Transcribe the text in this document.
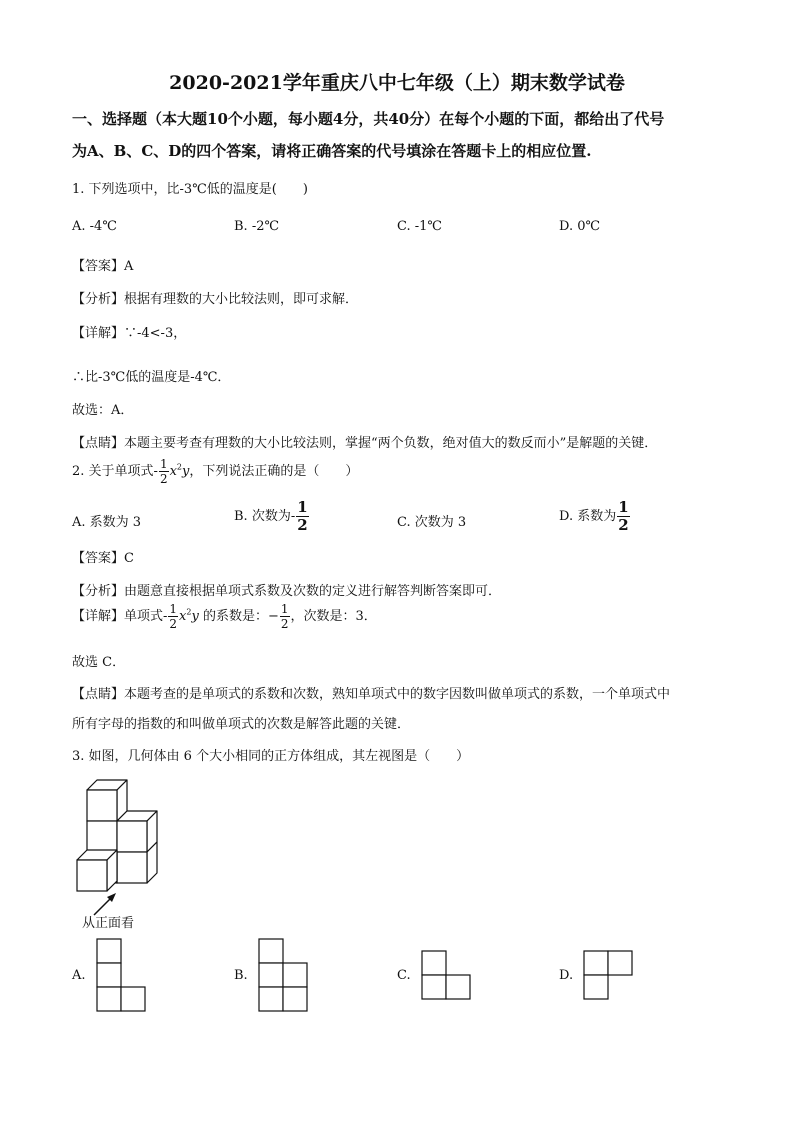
2020-2021学年重庆八中七年级（上）期末数学试卷
一、选择题（本大题10个小题，每小题4分，共40分）在每个小题的下面，都给出了代号
为A、B、C、D的四个答案，请将正确答案的代号填涂在答题卡上的相应位置.
1. 下列选项中，比-3℃低的温度是(　　)
A. -4℃	B. -2℃	C. -1℃	D. 0℃
【答案】A
【分析】根据有理数的大小比较法则，即可求解．
【详解】∵-4<-3，
∴比-3℃低的温度是-4℃．
故选：A．
【点睛】本题主要考查有理数的大小比较法则，掌握“两个负数，绝对值大的数反而小”是解题的关键．
2. 关于单项式- $\frac{1}{2} x^2y$，下列说法正确的是（　　）
A. 系数为 3	B. 次数为- $\frac{1}{2}$	C. 次数为 3	D. 系数为 $\frac{1}{2}$
【答案】C
【分析】由题意直接根据单项式系数及次数的定义进行解答判断答案即可．
【详解】单项式- $\frac{1}{2} x^2y$ 的系数是：− $\frac{1}{2}$ ，次数是：3．
故选 C．
【点睛】本题考查的是单项式的系数和次数，熟知单项式中的数字因数叫做单项式的系数，一个单项式中
所有字母的指数的和叫做单项式的次数是解答此题的关键．
3. 如图，几何体由 6 个大小相同的正方体组成，其左视图是（　　）
从正面看
A.	B.	C.	D.
